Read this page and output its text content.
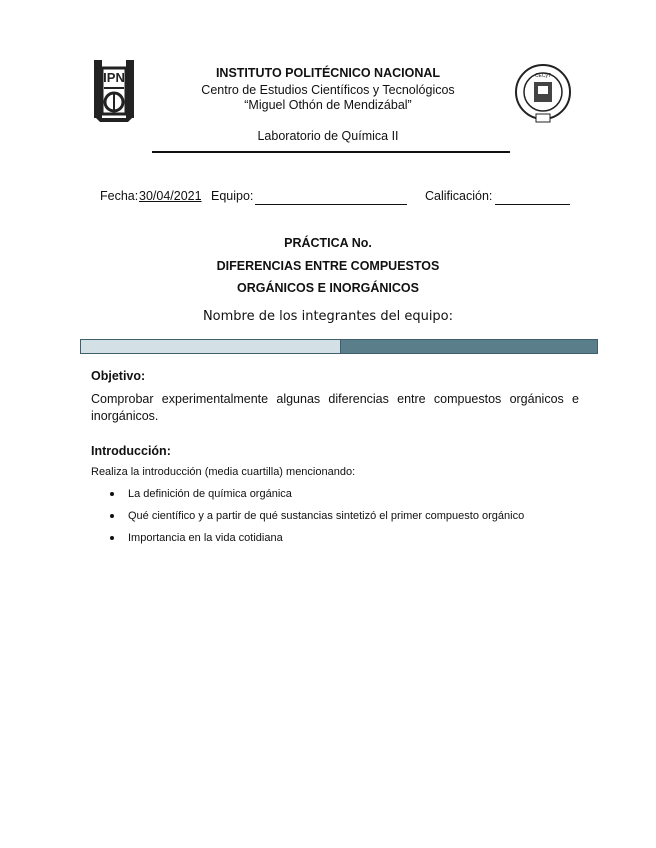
IPN	CECyT
INSTITUTO POLITÉCNICO NACIONAL
Centro de Estudios Científicos y Tecnológicos
“Miguel Othón de Mendizábal”
Laboratorio de Química II
Fecha: 30/04/2021 Equipo:	Calificación:
PRÁCTICA No.
DIFERENCIAS ENTRE COMPUESTOS
ORGÁNICOS E INORGÁNICOS
Nombre de los integrantes del equipo:
Objetivo:
Comprobar experimentalmente algunas diferencias entre compuestos orgánicos e inorgánicos.
Introducción:
Realiza la introducción (media cuartilla) mencionando:
La definición de química orgánica
Qué científico y a partir de qué sustancias sintetizó el primer compuesto orgánico
Importancia en la vida cotidiana
